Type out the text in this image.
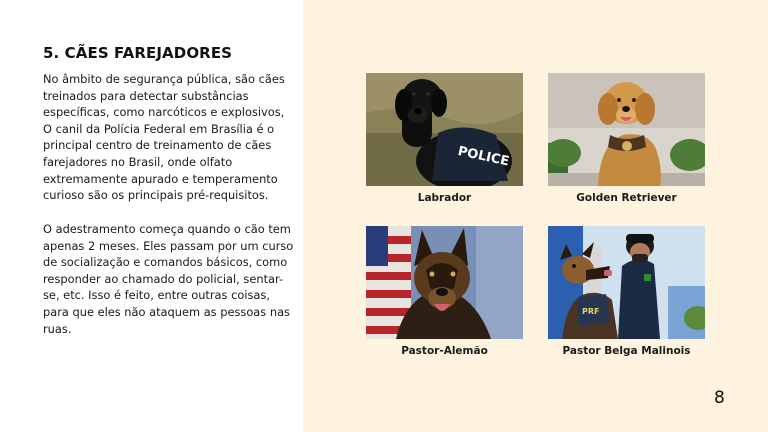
5. CÃES FAREJADORES

No âmbito de segurança pública, são cães treinados para detectar substâncias específicas, como narcóticos e explosivos, O canil da Polícia Federal em Brasília é o principal centro de treinamento de cães farejadores no Brasil, onde olfato extremamente apurado e temperamento curioso são os principais pré-requisitos.

O adestramento começa quando o cão tem apenas 2 meses. Eles passam por um curso de socialização e comandos básicos, como responder ao chamado do policial, sentar-se, etc. Isso é feito, entre outras coisas, para que eles não ataquem as pessoas nas ruas.

POLICE
Labrador	Golden Retriever
Pastor-Alemão
PRF
Pastor Belga Malinois
8
